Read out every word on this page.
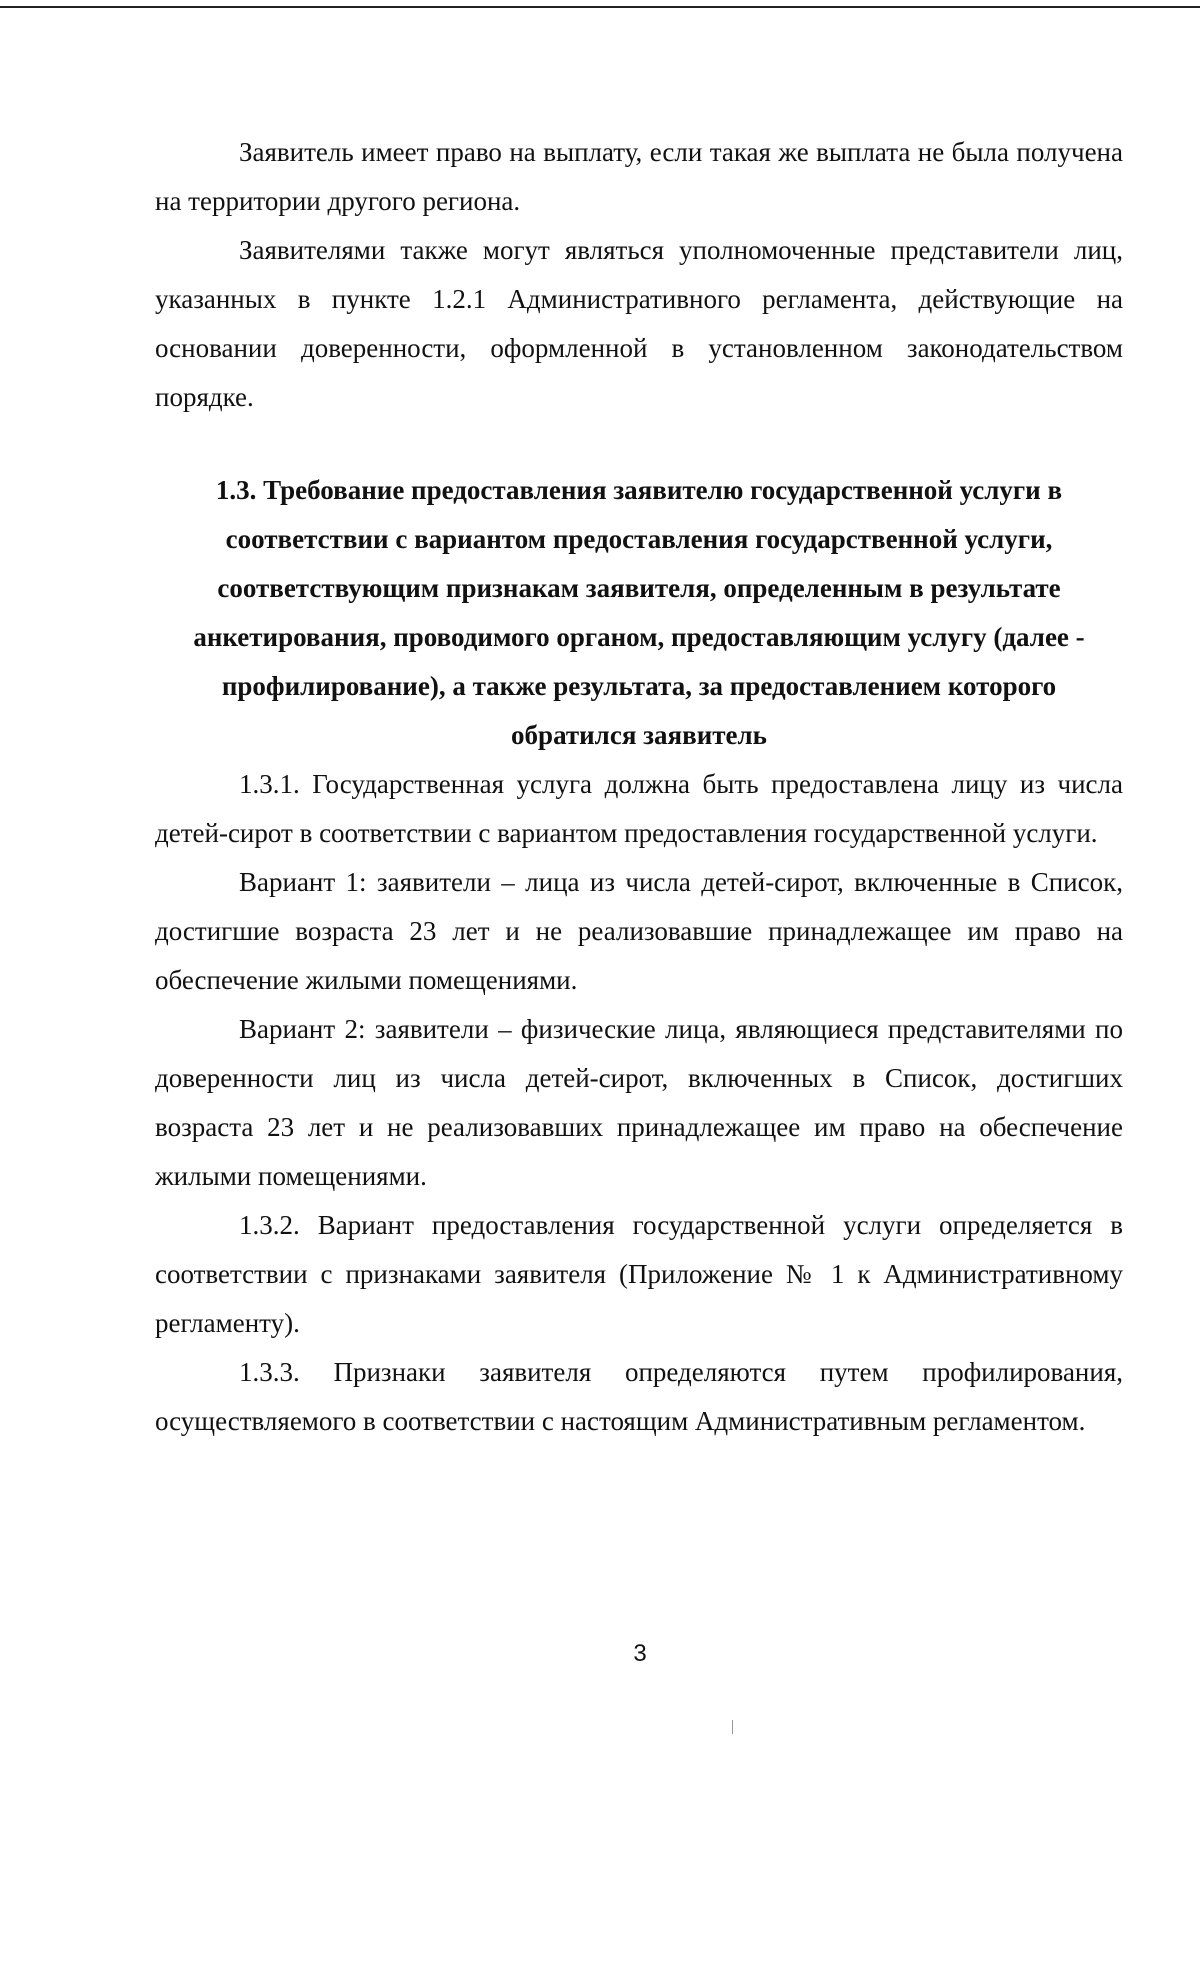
Заявитель имеет право на выплату, если такая же выплата не была получена на территории другого региона.

Заявителями также могут являться уполномоченные представители лиц, указанных в пункте 1.2.1 Административного регламента, действующие на основании доверенности, оформленной в установленном законодательством порядке.

1.3. Требование предоставления заявителю государственной услуги в соответствии с вариантом предоставления государственной услуги, соответствующим признакам заявителя, определенным в результате анкетирования, проводимого органом, предоставляющим услугу (далее - профилирование), а также результата, за предоставлением которого обратился заявитель

1.3.1. Государственная услуга должна быть предоставлена лицу из числа детей-сирот в соответствии с вариантом предоставления государственной услуги.

Вариант 1: заявители – лица из числа детей-сирот, включенные в Список, достигшие возраста 23 лет и не реализовавшие принадлежащее им право на обеспечение жилыми помещениями.

Вариант 2: заявители – физические лица, являющиеся представителями по доверенности лиц из числа детей-сирот, включенных в Список, достигших возраста 23 лет и не реализовавших принадлежащее им право на обеспечение жилыми помещениями.

1.3.2. Вариант предоставления государственной услуги определяется в соответствии с признаками заявителя (Приложение № 1 к Административному регламенту).

1.3.3. Признаки заявителя определяются путем профилирования, осуществляемого в соответствии с настоящим Административным регламентом.

3
